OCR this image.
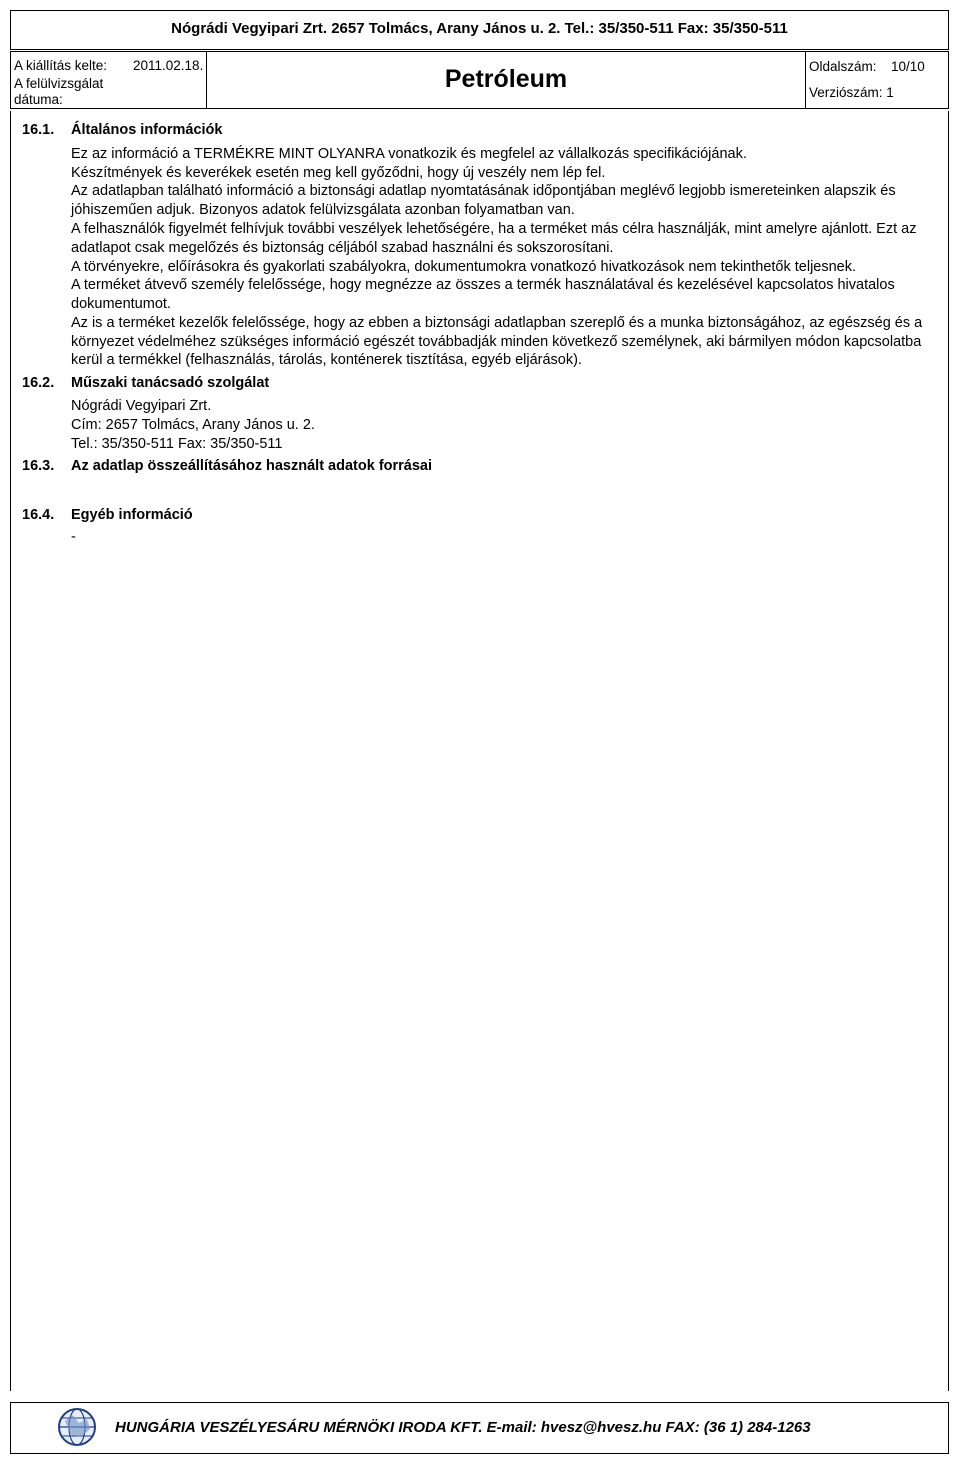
Nógrádi Vegyipari Zrt. 2657 Tolmács, Arany János u. 2. Tel.: 35/350-511 Fax: 35/350-511
A kiállítás kelte: 2011.02.18.
A felülvizsgálat
dátuma:
Petróleum	Oldalszám: 10/10
Verziószám: 1
16.1. Általános információk
Ez az információ a TERMÉKRE MINT OLYANRA vonatkozik és megfelel az vállalkozás specifikációjának.
Készítmények és keverékek esetén meg kell győződni, hogy új veszély nem lép fel.
Az adatlapban található információ a biztonsági adatlap nyomtatásának időpontjában meglévő legjobb ismereteinken alapszik és jóhiszeműen adjuk. Bizonyos adatok felülvizsgálata azonban folyamatban van.
A felhasználók figyelmét felhívjuk további veszélyek lehetőségére, ha a terméket más célra használják, mint amelyre ajánlott. Ezt az adatlapot csak megelőzés és biztonság céljából szabad használni és sokszorosítani.
A törvényekre, előírásokra és gyakorlati szabályokra, dokumentumokra vonatkozó hivatkozások nem tekinthetők teljesnek.
A terméket átvevő személy felelőssége, hogy megnézze az összes a termék használatával és kezelésével kapcsolatos hivatalos dokumentumot.
Az is a terméket kezelők felelőssége, hogy az ebben a biztonsági adatlapban szereplő és a munka biztonságához, az egészség és a környezet védelméhez szükséges információ egészét továbbadják minden következő személynek, aki bármilyen módon kapcsolatba kerül a termékkel (felhasználás, tárolás, konténerek tisztítása, egyéb eljárások).
16.2. Műszaki tanácsadó szolgálat
Nógrádi Vegyipari Zrt.
Cím: 2657 Tolmács, Arany János u. 2.
Tel.: 35/350-511 Fax: 35/350-511
16.3. Az adatlap összeállításához használt adatok forrásai
16.4. Egyéb információ
-
HUNGÁRIA VESZÉLYESÁRU MÉRNÖKI IRODA KFT. E-mail: hvesz@hvesz.hu FAX: (36 1) 284-1263
